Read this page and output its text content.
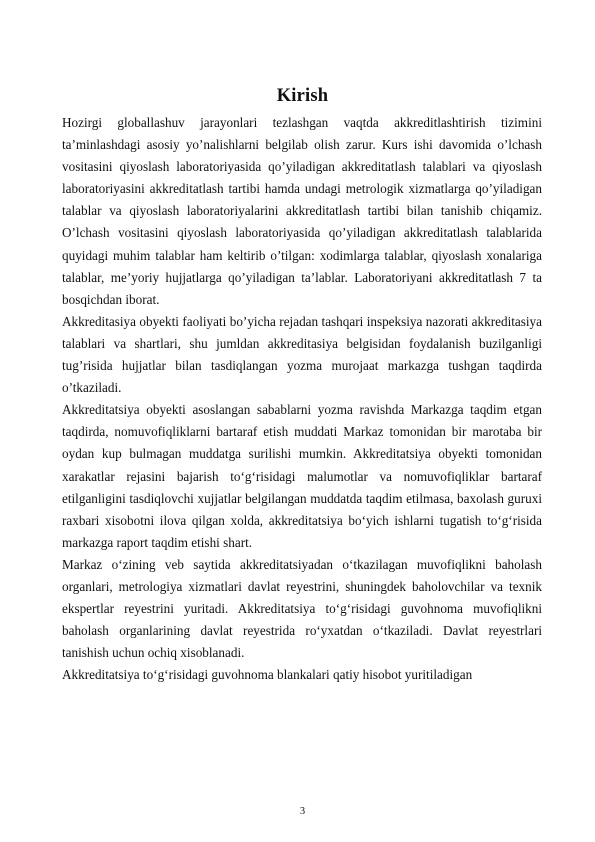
Kirish

Hozirgi globallashuv jarayonlari tezlashgan vaqtda akkreditlashtirish tizimini ta’minlashdagi asosiy yo’nalishlarni belgilab olish zarur. Kurs ishi davomida o’lchash vositasini qiyoslash laboratoriyasida qo’yiladigan akkreditatlash talablari va qiyoslash laboratoriyasini akkreditatlash tartibi hamda undagi metrologik xizmatlarga qo’yiladigan talablar va qiyoslash laboratoriyalarini akkreditatlash tartibi bilan tanishib chiqamiz. O’lchash vositasini qiyoslash laboratoriyasida qo’yiladigan akkreditatlash talablarida quyidagi muhim talablar ham keltirib o’tilgan: xodimlarga talablar, qiyoslash xonalariga talablar, me’yoriy hujjatlarga qo’yiladigan ta’lablar. Laboratoriyani akkreditatlash 7 ta bosqichdan iborat.

Akkreditasiya obyekti faoliyati bo’yicha rejadan tashqari inspeksiya nazorati akkreditasiya talablari va shartlari, shu jumldan akkreditasiya belgisidan foydalanish buzilganligi tug’risida hujjatlar bilan tasdiqlangan yozma murojaat markazga tushgan taqdirda o’tkaziladi.

Akkreditatsiya obyekti asoslangan sabablarni yozma ravishda Markazga taqdim etgan taqdirda, nomuvofiqliklarni bartaraf etish muddati Markaz tomonidan bir marotaba bir oydan kup bulmagan muddatga surilishi mumkin. Akkreditatsiya obyekti tomonidan xarakatlar rejasini bajarish to‘g‘risidagi malumotlar va nomuvofiqliklar bartaraf etilganligini tasdiqlovchi xujjatlar belgilangan muddatda taqdim etilmasa, baxolash guruxi raxbari xisobotni ilova qilgan xolda, akkreditatsiya bo‘yich ishlarni tugatish to‘g‘risida markazga raport taqdim etishi shart.

Markaz o‘zining veb saytida akkreditatsiyadan o‘tkazilagan muvofiqlikni baholash organlari, metrologiya xizmatlari davlat reyestrini, shuningdek baholovchilar va texnik ekspertlar reyestrini yuritadi. Akkreditatsiya to‘g‘risidagi guvohnoma muvofiqlikni baholash organlarining davlat reyestrida ro‘yxatdan o‘tkaziladi. Davlat reyestrlari tanishish uchun ochiq xisoblanadi.

Akkreditatsiya to‘g‘risidagi guvohnoma blankalari qatiy hisobot yuritiladigan

3
